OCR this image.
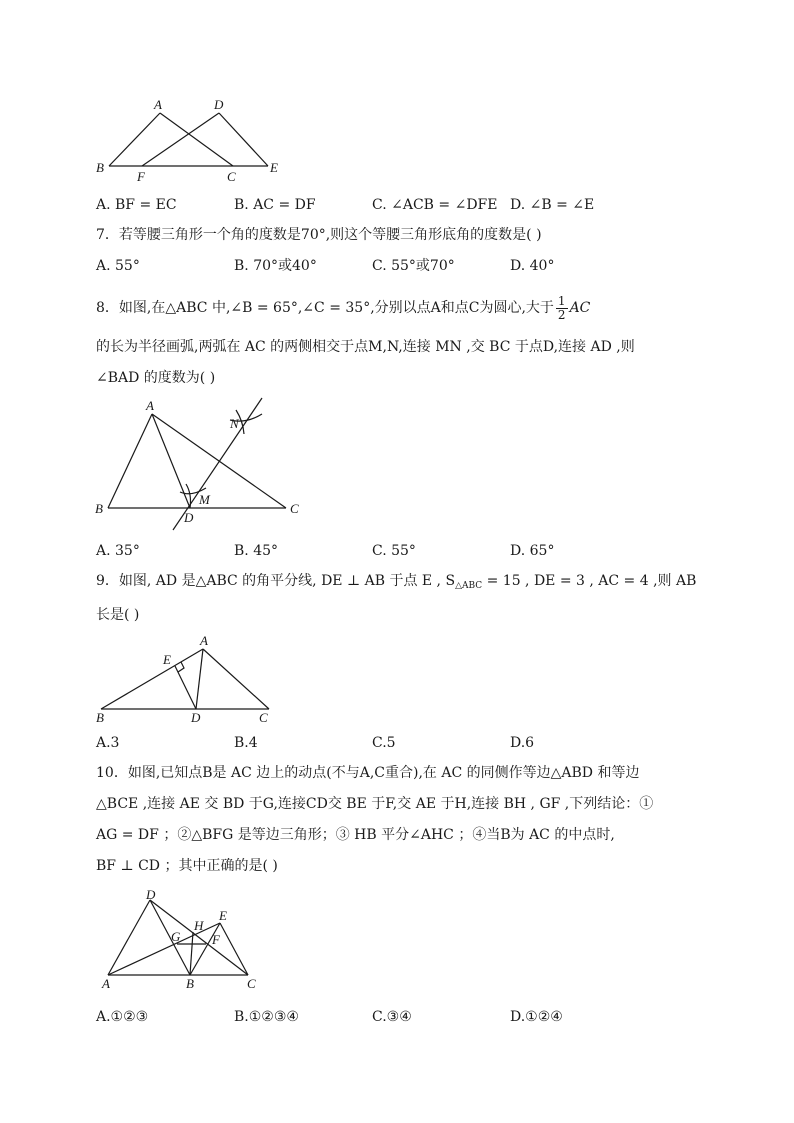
A	D
B
F	C
E
A. BF = EC	B. AC = DF	C. ∠ACB = ∠DFE D. ∠B = ∠E
7．若等腰三角形一个角的度数是70°,则这个等腰三角形底角的度数是( )
A. 55°	B. 70°或40°	C. 55°或70°	D. 40°
8．如图,在△ABC 中,∠B = 65°,∠C = 35°,分别以点A和点C为圆心,大于 $\frac{1}{2}$ AC
的长为半径画弧,两弧在 AC 的两侧相交于点M,N,连接 MN ,交 BC 于点D,连接 AD ,则
∠BAD 的度数为( )
A
B	C
D
M
N
A. 35°	B. 45°	C. 55°	D. 65°
9．如图, AD 是△ABC 的角平分线, DE ⊥ AB 于点 E , $S_{\triangle ABC} = 15$ , DE = 3 , AC = 4 ,则 AB
长是( )
A
E
B	D	C
A.3	B.4	C.5	D.6
10．如图,已知点B是 AC 边上的动点(不与A,C重合),在 AC 的同侧作等边△ABD 和等边
△BCE ,连接 AE 交 BD 于G,连接CD交 BE 于F,交 AE 于H,连接 BH , GF ,下列结论：①
AG = DF ；②△BFG 是等边三角形；③ HB 平分∠AHC ；④当B为 AC 的中点时,
BF ⊥ CD ；其中正确的是( )
D
E
H
G F
A	B	C
A.①②③	B.①②③④	C.③④	D.①②④
